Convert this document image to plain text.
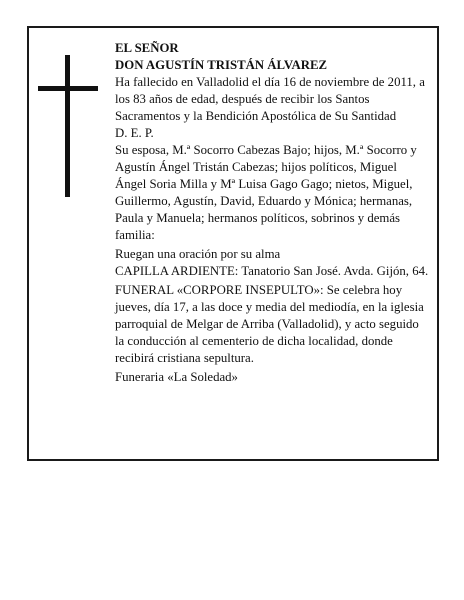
EL SEÑOR

DON AGUSTÍN TRISTÁN ÁLVAREZ

Ha fallecido en Valladolid el día 16 de noviembre de 2011, a los 83 años de edad, después de recibir los Santos Sacramentos y la Bendición Apostólica de Su Santidad

D. E. P.

Su esposa, M.ª Socorro Cabezas Bajo; hijos, M.ª Socorro y Agustín Ángel Tristán Cabezas; hijos políticos, Miguel Ángel Soria Milla y Mª Luisa Gago Gago; nietos, Miguel, Guillermo, Agustín, David, Eduardo y Mónica; hermanas, Paula y Manuela; hermanos políticos, sobrinos y demás familia:

Ruegan una oración por su alma

CAPILLA ARDIENTE: Tanatorio San José. Avda. Gijón, 64.

FUNERAL «CORPORE INSEPULTO»: Se celebra hoy jueves, día 17, a las doce y media del mediodía, en la iglesia parroquial de Melgar de Arriba (Valladolid), y acto seguido la conducción al cementerio de dicha localidad, donde recibirá cristiana sepultura.

Funeraria «La Soledad»
